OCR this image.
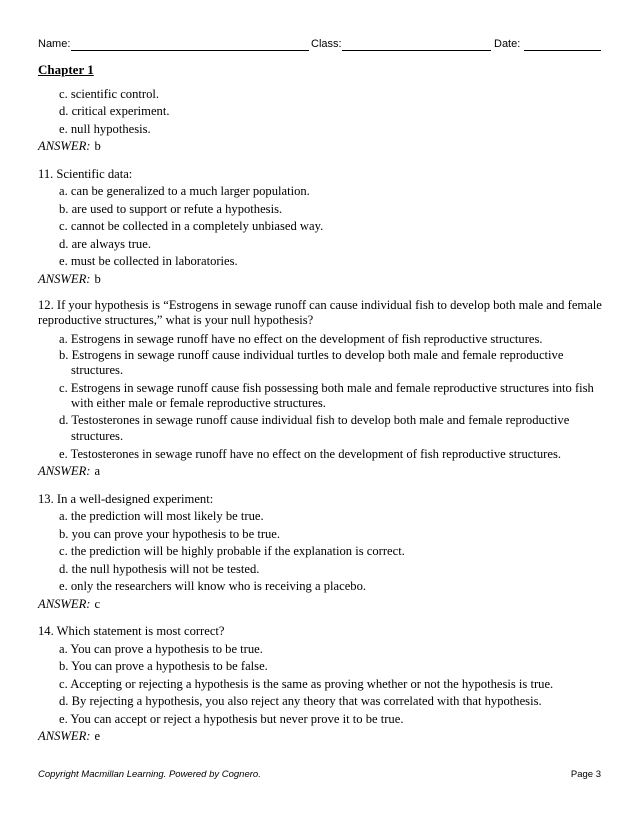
Name:	Class:	Date:
Chapter 1
c. scientific control.
d. critical experiment.
e. null hypothesis.
ANSWER: b
11. Scientific data:
a. can be generalized to a much larger population.
b. are used to support or refute a hypothesis.
c. cannot be collected in a completely unbiased way.
d. are always true.
e. must be collected in laboratories.
ANSWER: b
12. If your hypothesis is “Estrogens in sewage runoff can cause individual fish to develop both male and female reproductive structures,” what is your null hypothesis?
a. Estrogens in sewage runoff have no effect on the development of fish reproductive structures.
b. Estrogens in sewage runoff cause individual turtles to develop both male and female reproductive structures.
c. Estrogens in sewage runoff cause fish possessing both male and female reproductive structures into fish with either male or female reproductive structures.
d. Testosterones in sewage runoff cause individual fish to develop both male and female reproductive structures.
e. Testosterones in sewage runoff have no effect on the development of fish reproductive structures.
ANSWER: a
13. In a well-designed experiment:
a. the prediction will most likely be true.
b. you can prove your hypothesis to be true.
c. the prediction will be highly probable if the explanation is correct.
d. the null hypothesis will not be tested.
e. only the researchers will know who is receiving a placebo.
ANSWER: c
14. Which statement is most correct?
a. You can prove a hypothesis to be true.
b. You can prove a hypothesis to be false.
c. Accepting or rejecting a hypothesis is the same as proving whether or not the hypothesis is true.
d. By rejecting a hypothesis, you also reject any theory that was correlated with that hypothesis.
e. You can accept or reject a hypothesis but never prove it to be true.
ANSWER: e
Copyright Macmillan Learning. Powered by Cognero.	Page 3
